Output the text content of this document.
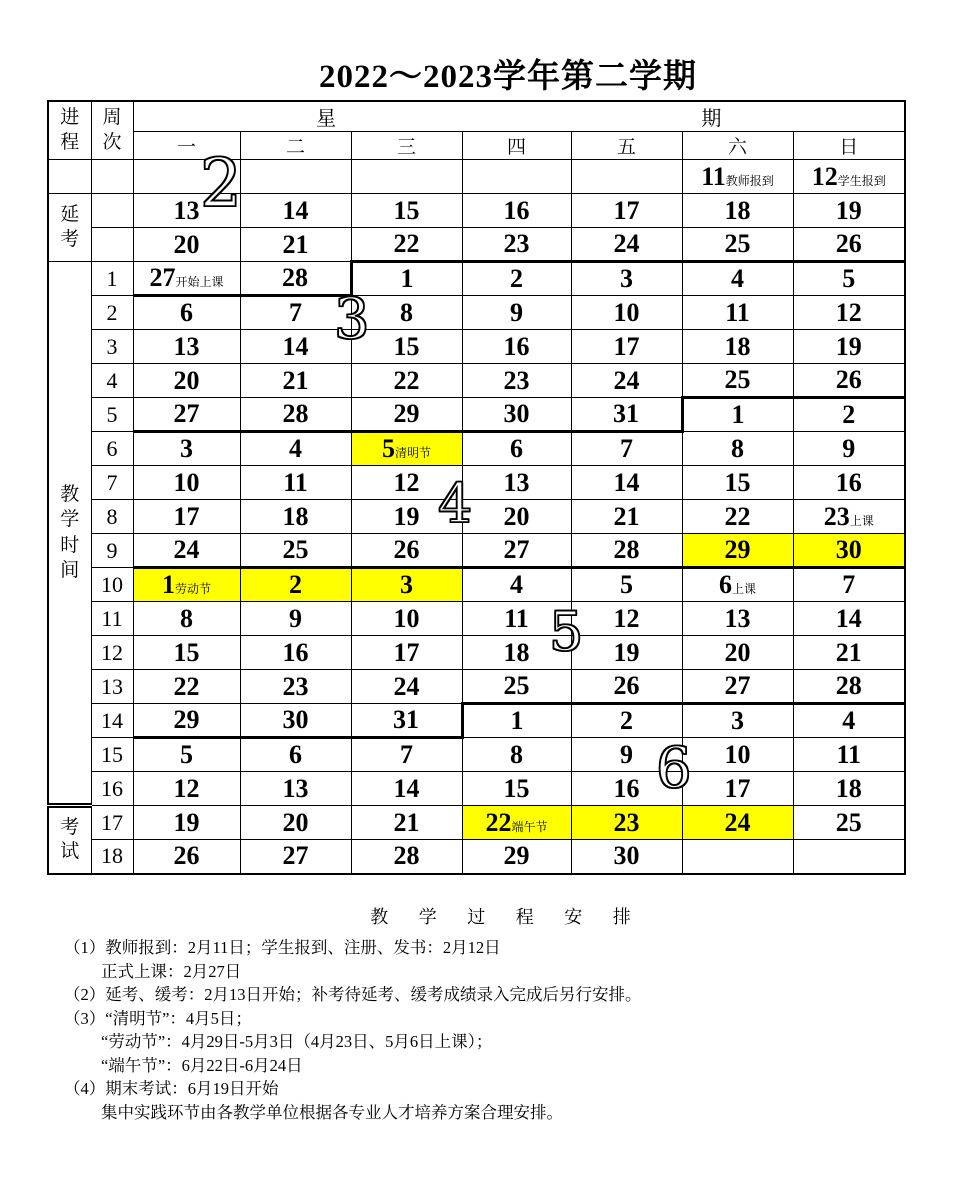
2022～2023学年第二学期
进程	周次	星 期						

		一	二	三	四	五	六	日

							11 教师报到	12 学生报到

延考		13	14	15	16	17	18	19

		20	21	22	23	24	25	26

教学时间	1	27 开始上课	28	1	2	3	4	5

	2	6	7	8	9	10	11	12

	3	13	14	15	16	17	18	19

	4	20	21	22	23	24	25	26

	5	27	28	29	30	31	1	2

	6	3	4	5 清明节	6	7	8	9

	7	10	11	12	13	14	15	16

	8	17	18	19	20	21	22	23 上课

	9	24	25	26	27	28	29	30

	10	1 劳动节	2	3	4	5	6 上课	7

	11	8	9	10	11	12	13	14

	12	15	16	17	18	19	20	21

	13	22	23	24	25	26	27	28

	14	29	30	31	1	2	3	4

	15	5	6	7	8	9	10	11

	16	12	13	14	15	16	17	18

考试	17	19	20	21	22 端午节	23	24	25

	18	26	27	28	29	30		

2
3
4
5
6
教 学 过 程 安 排
（1）教师报到：2月11日；学生报到、注册、发书：2月12日
正式上课：2月27日
（2）延考、缓考：2月13日开始；补考待延考、缓考成绩录入完成后另行安排。
（3）“清明节”：4月5日；
“劳动节”：4月29日-5月3日（4月23日、5月6日上课）；
“端午节”：6月22日-6月24日
（4）期末考试：6月19日开始
集中实践环节由各教学单位根据各专业人才培养方案合理安排。
